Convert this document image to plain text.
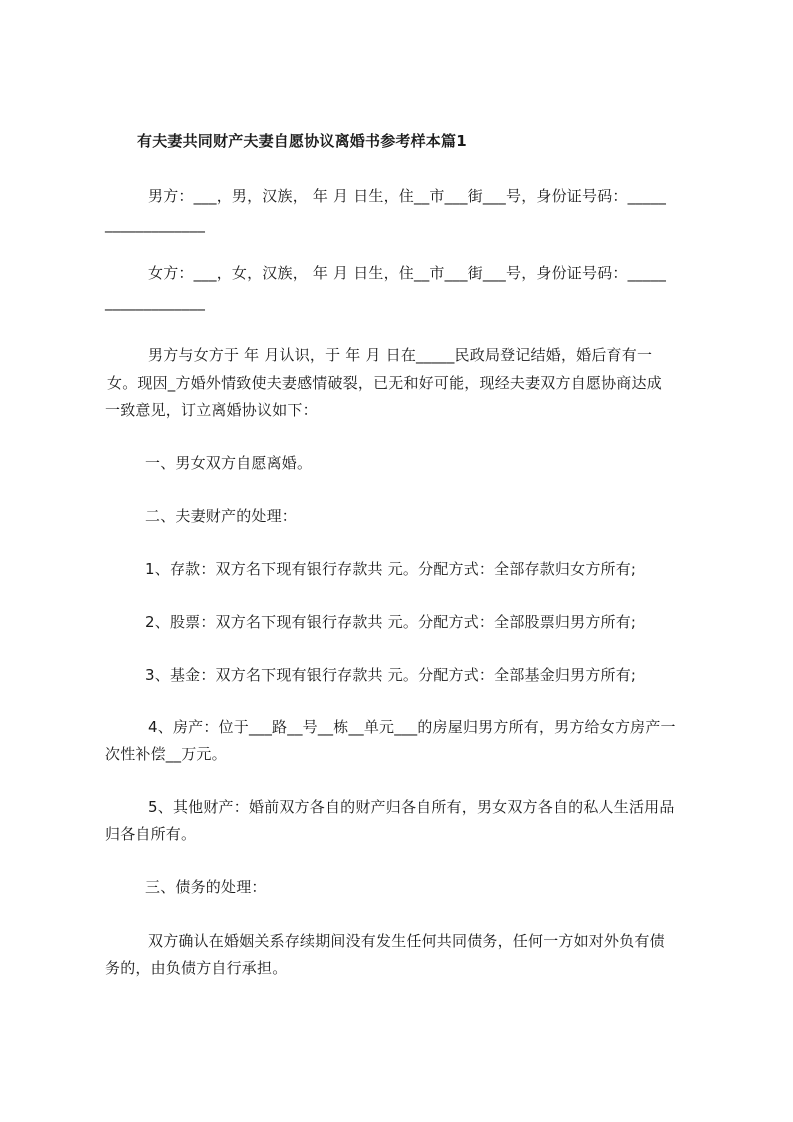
有夫妻共同财产夫妻自愿协议离婚书参考样本篇1
男方：___，男，汉族， 年 月 日生，住__市___街___号，身份证号码：_____
_____________
女方：___，女，汉族， 年 月 日生，住__市___街___号，身份证号码：_____
_____________
男方与女方于 年 月认识，于 年 月 日在_____民政局登记结婚，婚后育有一
女。现因_方婚外情致使夫妻感情破裂，已无和好可能，现经夫妻双方自愿协商达成
一致意见，订立离婚协议如下：
一、男女双方自愿离婚。
二、夫妻财产的处理：
1、存款：双方名下现有银行存款共 元。分配方式：全部存款归女方所有;
2、股票：双方名下现有银行存款共 元。分配方式：全部股票归男方所有;
3、基金：双方名下现有银行存款共 元。分配方式：全部基金归男方所有;
4、房产：位于___路__号__栋__单元___的房屋归男方所有，男方给女方房产一
次性补偿__万元。
5、其他财产：婚前双方各自的财产归各自所有，男女双方各自的私人生活用品
归各自所有。
三、债务的处理：
双方确认在婚姻关系存续期间没有发生任何共同债务，任何一方如对外负有债
务的，由负债方自行承担。
